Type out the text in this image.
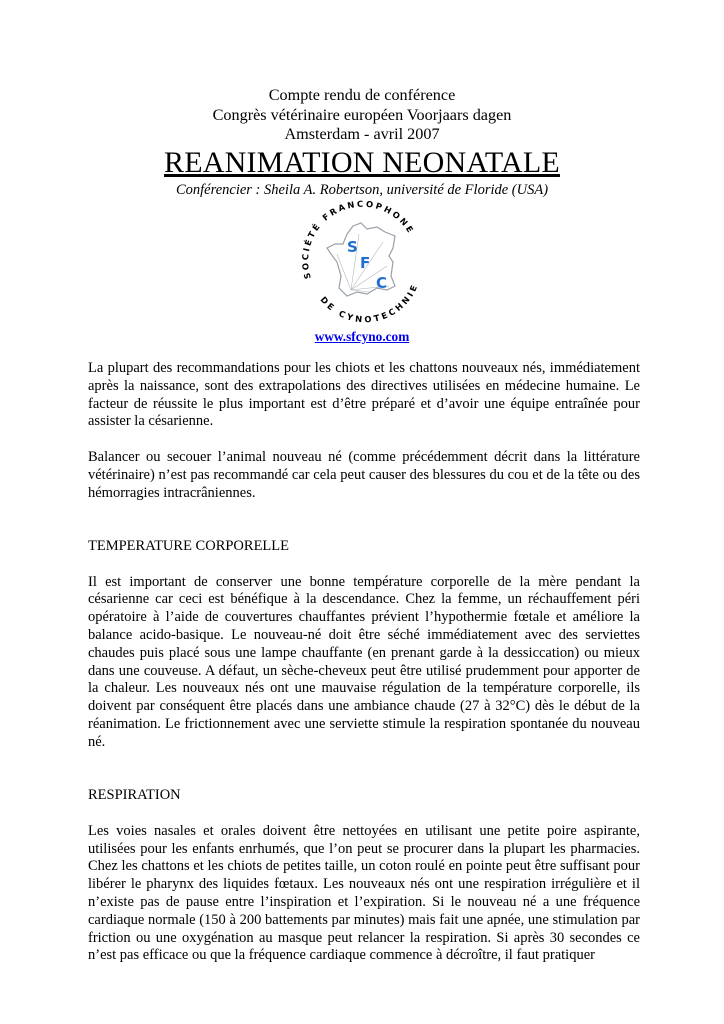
Compte rendu de conférence
Congrès vétérinaire européen Voorjaars dagen
Amsterdam - avril 2007
REANIMATION NEONATALE
Conférencier : Sheila A. Robertson, université de Floride (USA)
SOCIÉTÉ FRANCOPHONE
DE CYNOTECHNIE
S
F
C
www.sfcyno.com

La plupart des recommandations pour les chiots et les chattons nouveaux nés, immédiatement après la naissance, sont des extrapolations des directives utilisées en médecine humaine. Le facteur de réussite le plus important est d’être préparé et d’avoir une équipe entraînée pour assister la césarienne.

Balancer ou secouer l’animal nouveau né (comme précédemment décrit dans la littérature vétérinaire) n’est pas recommandé car cela peut causer des blessures du cou et de la tête ou des hémorragies intracrâniennes.

TEMPERATURE CORPORELLE

Il est important de conserver une bonne température corporelle de la mère pendant la césarienne car ceci est bénéfique à la descendance. Chez la femme, un réchauffement péri opératoire à l’aide de couvertures chauffantes prévient l’hypothermie fœtale et améliore la balance acido-basique. Le nouveau-né doit être séché immédiatement avec des serviettes chaudes puis placé sous une lampe chauffante (en prenant garde à la dessiccation) ou mieux dans une couveuse. A défaut, un sèche-cheveux peut être utilisé prudemment pour apporter de la chaleur. Les nouveaux nés ont une mauvaise régulation de la température corporelle, ils doivent par conséquent être placés dans une ambiance chaude (27 à 32°C) dès le début de la réanimation. Le frictionnement avec une serviette stimule la respiration spontanée du nouveau né.

RESPIRATION

Les voies nasales et orales doivent être nettoyées en utilisant une petite poire aspirante, utilisées pour les enfants enrhumés, que l’on peut se procurer dans la plupart les pharmacies. Chez les chattons et les chiots de petites taille, un coton roulé en pointe peut être suffisant pour libérer le pharynx des liquides fœtaux. Les nouveaux nés ont une respiration irrégulière et il n’existe pas de pause entre l’inspiration et l’expiration. Si le nouveau né a une fréquence cardiaque normale (150 à 200 battements par minutes) mais fait une apnée, une stimulation par friction ou une oxygénation au masque peut relancer la respiration. Si après 30 secondes ce n’est pas efficace ou que la fréquence cardiaque commence à décroître, il faut pratiquer
